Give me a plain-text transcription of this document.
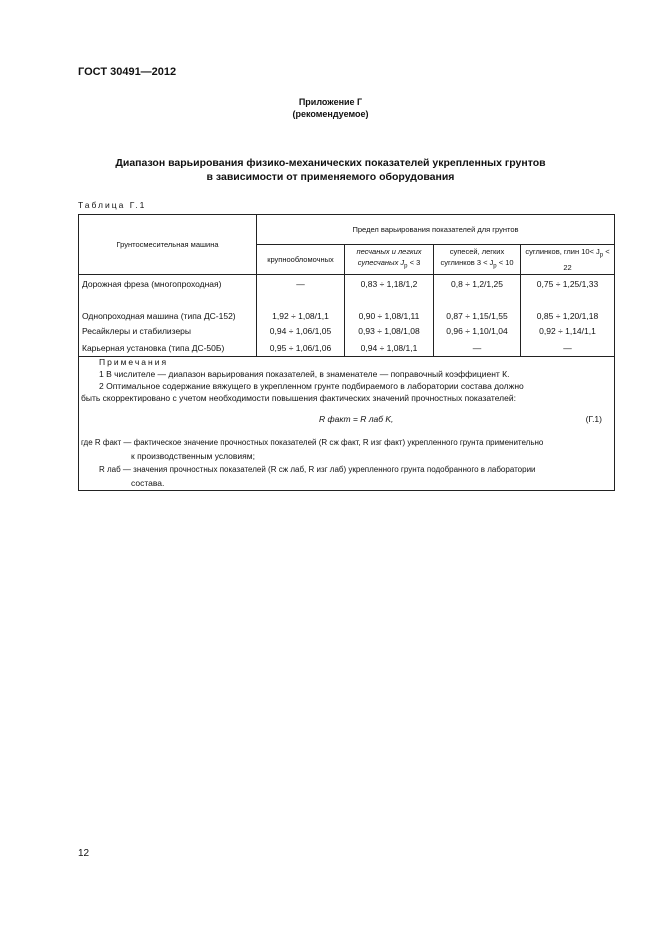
ГОСТ 30491—2012
Приложение Г
(рекомендуемое)
Диапазон варьирования физико-механических показателей укрепленных грунтов
в зависимости от применяемого оборудования
Таблица Г.1
Грунтосмесительная машина	Предел варьирования показателей для грунтов			
	крупнообломочных	песчаных и легких супесчаных $J_p < 3$	супесей, легких суглинков $3 < J_p < 10$	суглинков, глин $10< J_p < 22$
Дорожная фреза (многопроходная)	—	0,83 ÷ 1,18/1,2	0,8 ÷ 1,2/1,25	0,75 ÷ 1,25/1,33
Однопроходная машина (типа ДС-152)	1,92 ÷ 1,08/1,1	0,90 ÷ 1,08/1,11	0,87 ÷ 1,15/1,55	0,85 ÷ 1,20/1,18
Ресайклеры и стабилизеры	0,94 ÷ 1,06/1,05	0,93 ÷ 1,08/1,08	0,96 ÷ 1,10/1,04	0,92 ÷ 1,14/1,1
Карьерная установка (типа ДС-50Б)	0,95 ÷ 1,06/1,06	0,94 ÷ 1,08/1,1	—	—
Примечания
1 В числителе — диапазон варьирования показателей, в знаменателе — поправочный коэффициент К.
2 Оптимальное содержание вяжущего в укрепленном грунте подбираемого в лаборатории состава должно
быть скорректировано с учетом необходимости повышения фактических значений прочностных показателей:
R факт = R лаб K,	(Г.1)
где R факт — фактическое значение прочностных показателей (R сж факт, R изг факт) укрепленного грунта применительно
к производственным условиям;
R лаб — значения прочностных показателей (R сж лаб, R изг лаб) укрепленного грунта подобранного в лаборатории
состава.
12
